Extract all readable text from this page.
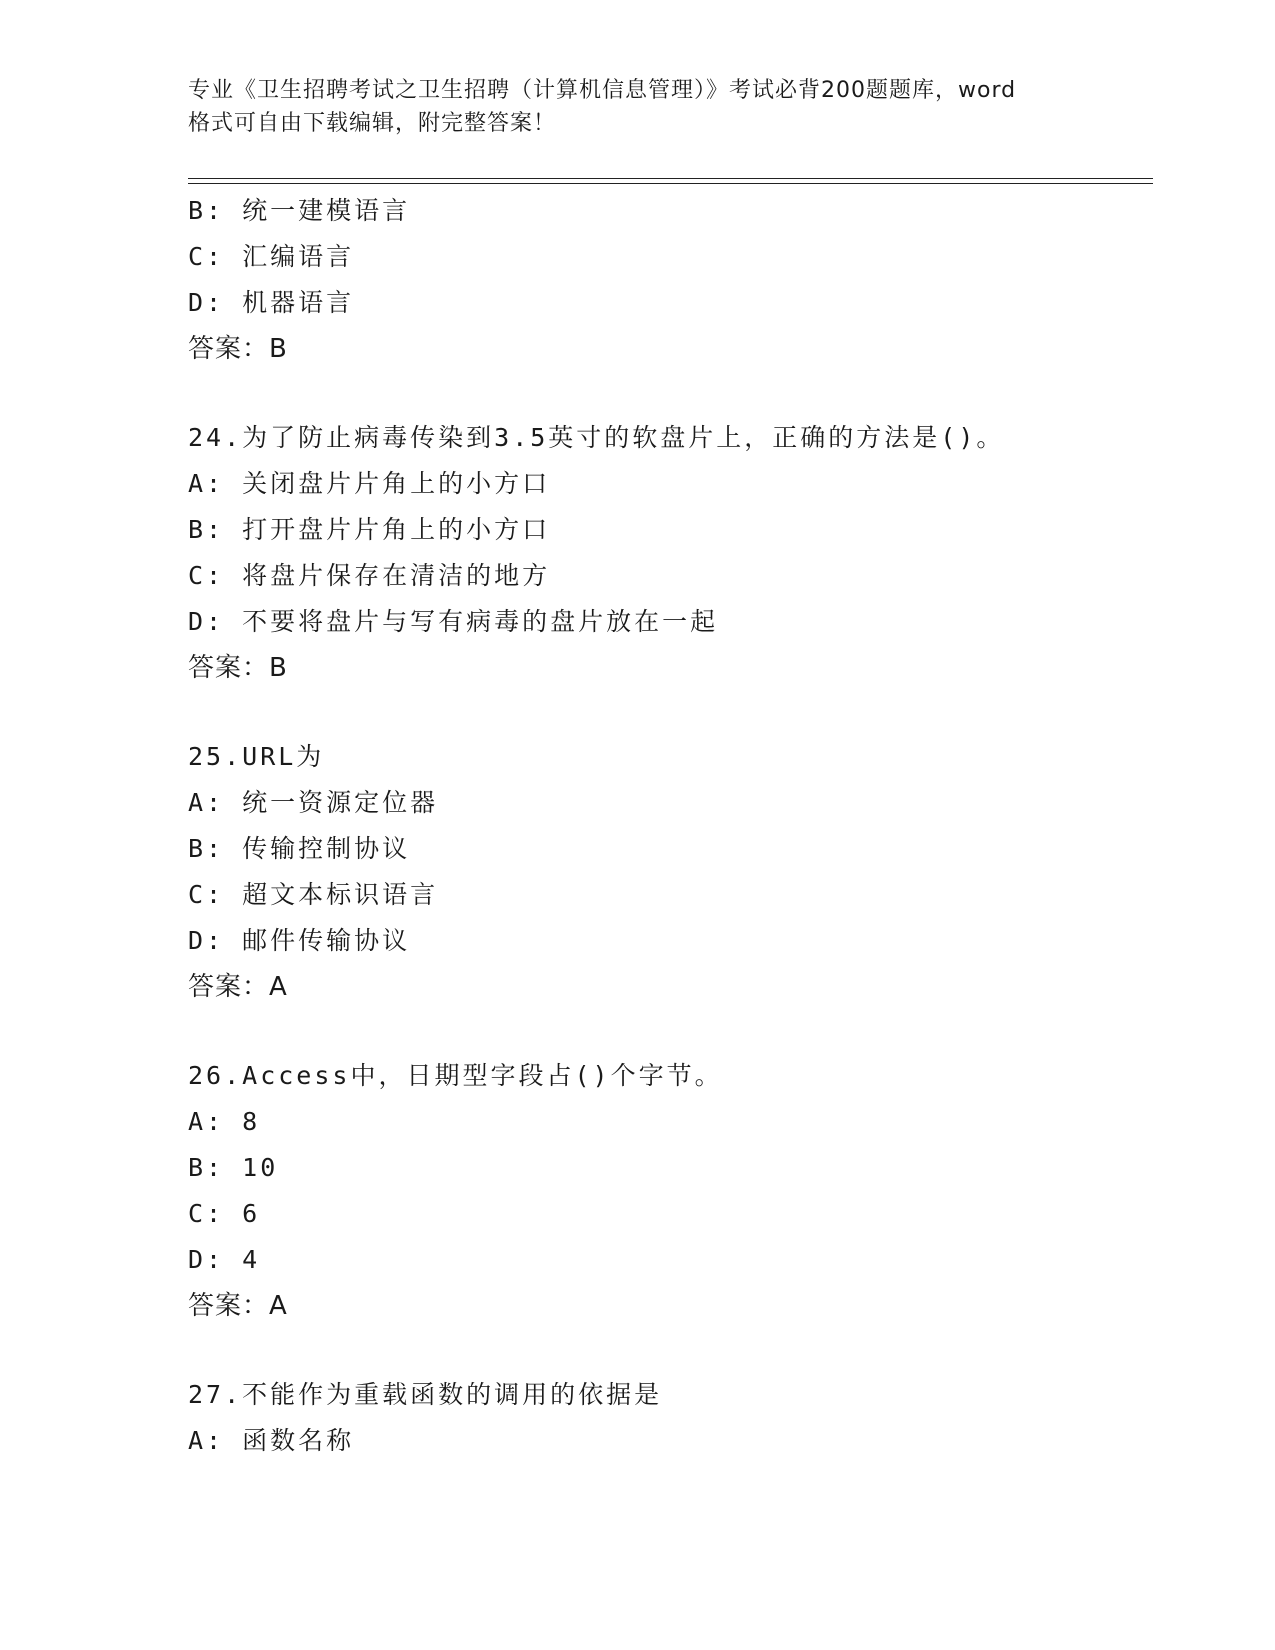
专业《卫生招聘考试之卫生招聘（计算机信息管理）》考试必背200题题库，word
格式可自由下载编辑，附完整答案！
B: 统一建模语言
C: 汇编语言
D: 机器语言
答案：B
24.为了防止病毒传染到3.5英寸的软盘片上，正确的方法是()。
A: 关闭盘片片角上的小方口
B: 打开盘片片角上的小方口
C: 将盘片保存在清洁的地方
D: 不要将盘片与写有病毒的盘片放在一起
答案：B
25.URL为
A: 统一资源定位器
B: 传输控制协议
C: 超文本标识语言
D: 邮件传输协议
答案：A
26.Access中，日期型字段占()个字节。
A: 8
B: 10
C: 6
D: 4
答案：A
27.不能作为重载函数的调用的依据是
A: 函数名称
